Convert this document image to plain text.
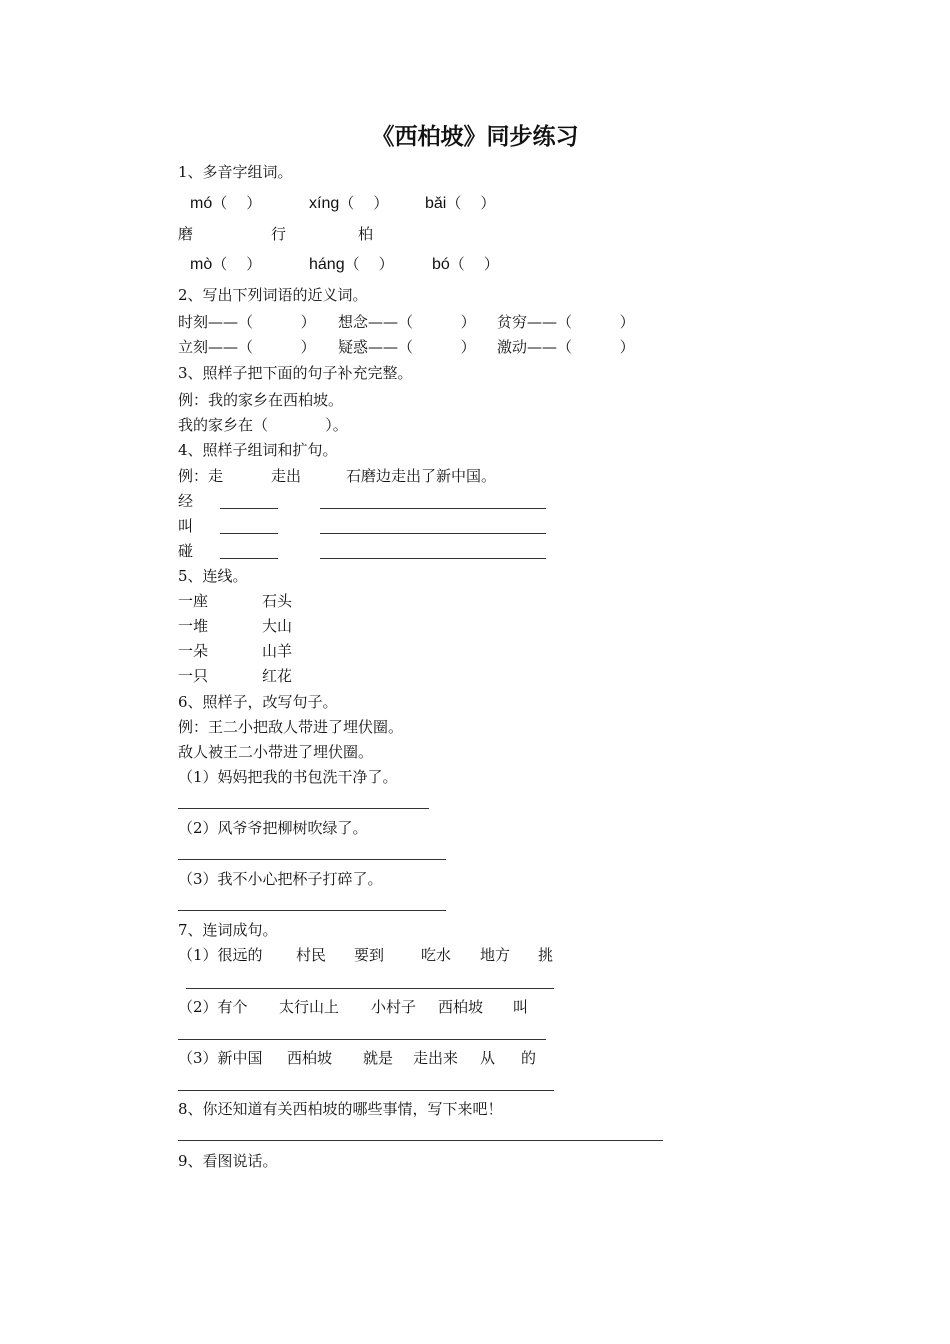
《西柏坡》同步练习
1、多音字组词。
mó（    ）	xíng（    ） bǎi（    ）
磨	行	柏
mò（    ）	háng（    ） bó（    ）
2、写出下列词语的近义词。
时刻——（          ） 想念——（          ） 贫穷——（          ）
立刻——（          ） 疑惑——（          ） 激动——（          ）
3、照样子把下面的句子补充完整。
例：我的家乡在西柏坡。
我的家乡在（            ）。
4、照样子组词和扩句。
例：走	走出	石磨边走出了新中国。
经
叫
碰
5、连线。
一座	石头
一堆	大山
一朵	山羊
一只	红花
6、照样子，改写句子。
例：王二小把敌人带进了埋伏圈。
敌人被王二小带进了埋伏圈。
（1）妈妈把我的书包洗干净了。
（2）风爷爷把柳树吹绿了。
（3）我不小心把杯子打碎了。
7、连词成句。
（1）很远的 村民 要到 吃水 地方 挑
（2）有个 太行山上 小村子 西柏坡 叫
（3）新中国 西柏坡 就是 走出来 从 的
8、你还知道有关西柏坡的哪些事情，写下来吧！
9、看图说话。
